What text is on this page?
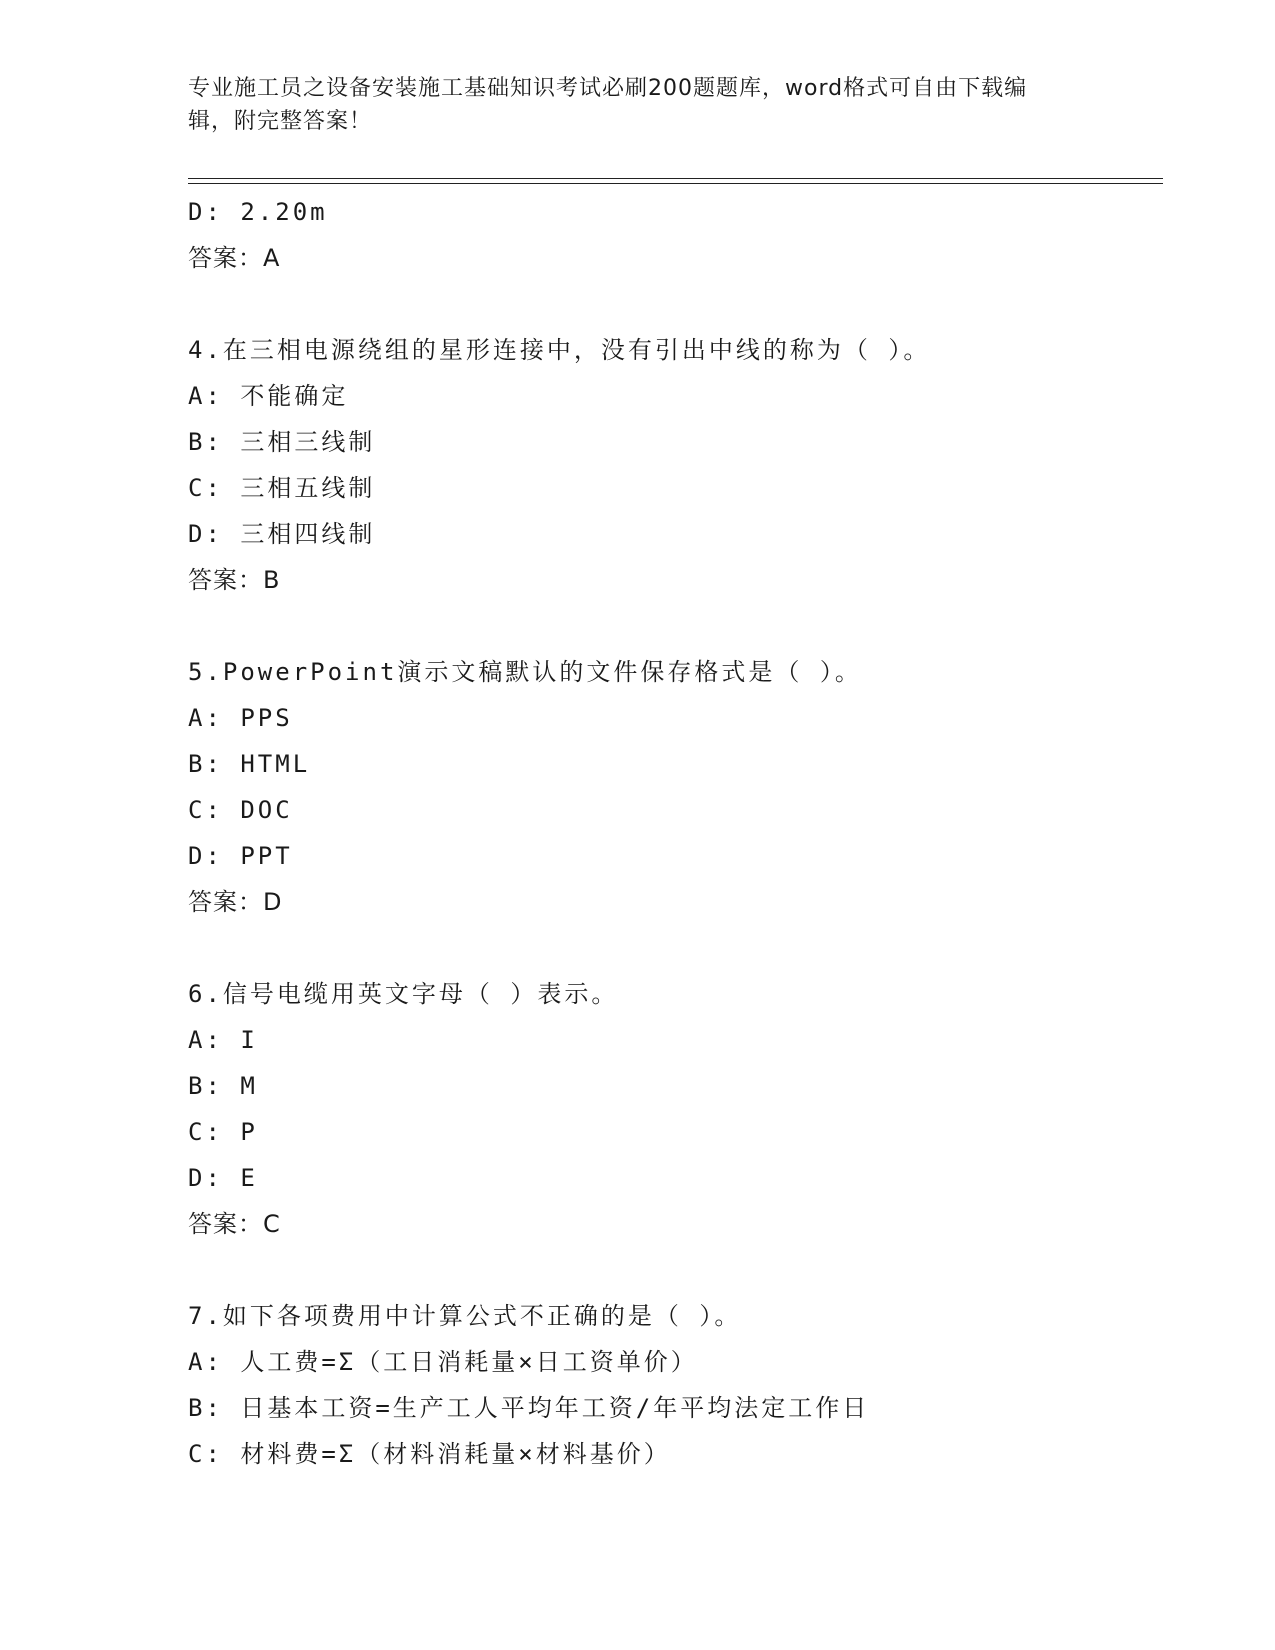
专业施工员之设备安装施工基础知识考试必刷200题题库，word格式可自由下载编辑，附完整答案！
D: 2.20m
答案：A
4.在三相电源绕组的星形连接中，没有引出中线的称为（ ）。
A: 不能确定
B: 三相三线制
C: 三相五线制
D: 三相四线制
答案：B
5.PowerPoint演示文稿默认的文件保存格式是（ ）。
A: PPS
B: HTML
C: DOC
D: PPT
答案：D
6.信号电缆用英文字母（ ）表示。
A: I
B: M
C: P
D: E
答案：C
7.如下各项费用中计算公式不正确的是（ ）。
A: 人工费=Σ（工日消耗量×日工资单价）
B: 日基本工资=生产工人平均年工资/年平均法定工作日
C: 材料费=Σ（材料消耗量×材料基价）
